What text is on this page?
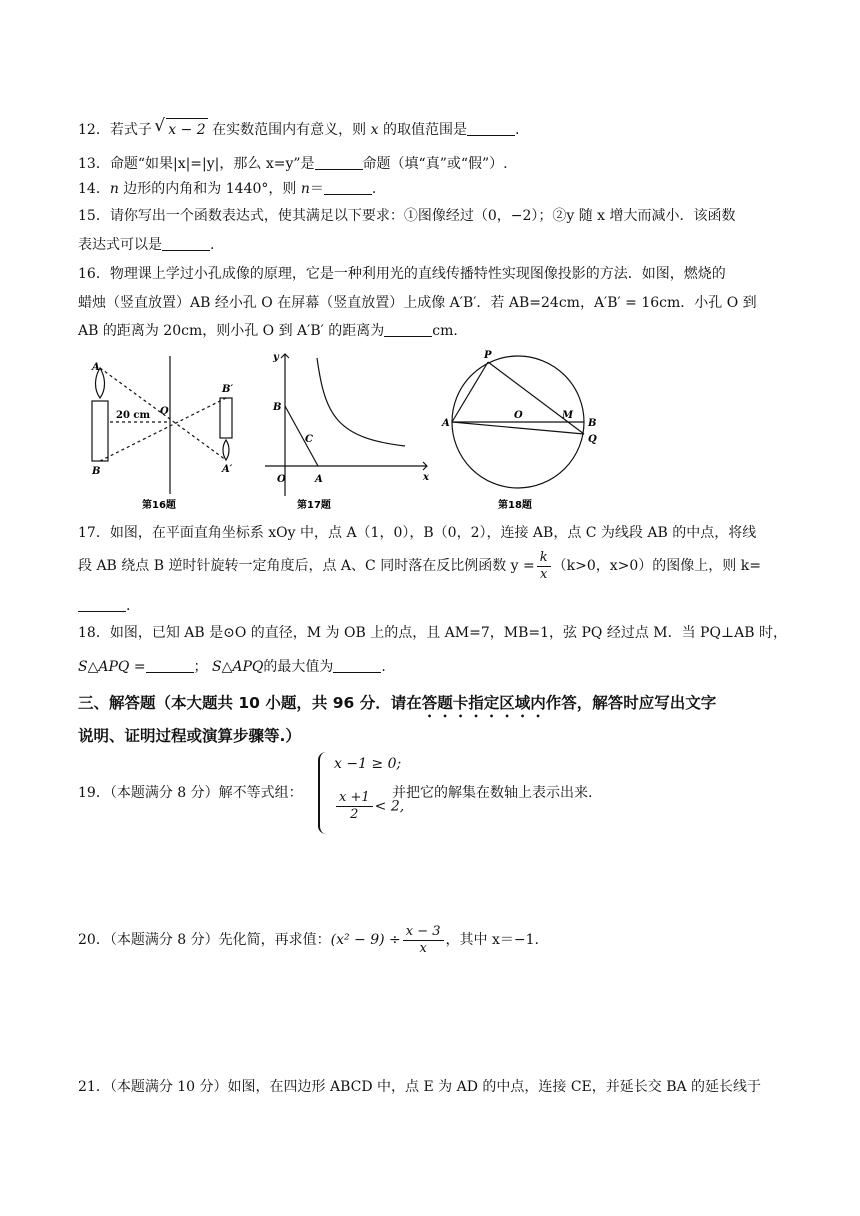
12．若式子 √ x − 2 在实数范围内有意义，则 x 的取值范围是	.
13．命题“如果|x|=|y|，那么 x=y”是	命题（填“真”或“假”）.
14．n 边形的内角和为 1440°，则 n＝	.
15．请你写出一个函数表达式，使其满足以下要求：①图像经过（0，−2）；②y 随 x 增大而减小．该函数
表达式可以是	.
16．物理课上学过小孔成像的原理，它是一种利用光的直线传播特性实现图像投影的方法．如图，燃烧的
蜡烛（竖直放置）AB 经小孔 O 在屏幕（竖直放置）上成像 A′B′．若 AB=24cm，A′B′ = 16cm．小孔 O 到
AB 的距离为 20cm，则小孔 O 到 A′B′ 的距离为	cm.
A
B
O
B′
A′
20 cm
第16题
B
C
A
O
y
x
第17题
P
A
O	M
B
Q
第18题
17．如图，在平面直角坐标系 xOy 中，点 A（1，0），B（0，2），连接 AB，点 C 为线段 AB 的中点，将线
段 AB 绕点 B 逆时针旋转一定角度后，点 A、C 同时落在反比例函数 $y = \frac{k}{x} (k>0$，x>0）的图像上，则 k=
.
18．如图，已知 AB 是⊙O 的直径，M 为 OB 上的点，且 AM=7，MB=1，弦 PQ 经过点 M．当 PQ⊥AB 时，
S△APQ =	； S△APQ的最大值为	.
三、解答题（本大题共 10 小题，共 96 分．请在答题卡指定区域内作答，解答时应写出文字
说明、证明过程或演算步骤等.）
19．（本题满分 8 分）解不等式组：
x −1 ≥ 0;
$\frac{x +1}{2} < 2$,
并把它的解集在数轴上表示出来.
20．（本题满分 8 分）先化简，再求值：$(x^2 - 9) \div \frac{x - 3}{x}$ ，其中 x＝−1.
21．（本题满分 10 分）如图，在四边形 ABCD 中，点 E 为 AD 的中点，连接 CE，并延长交 BA 的延长线于
